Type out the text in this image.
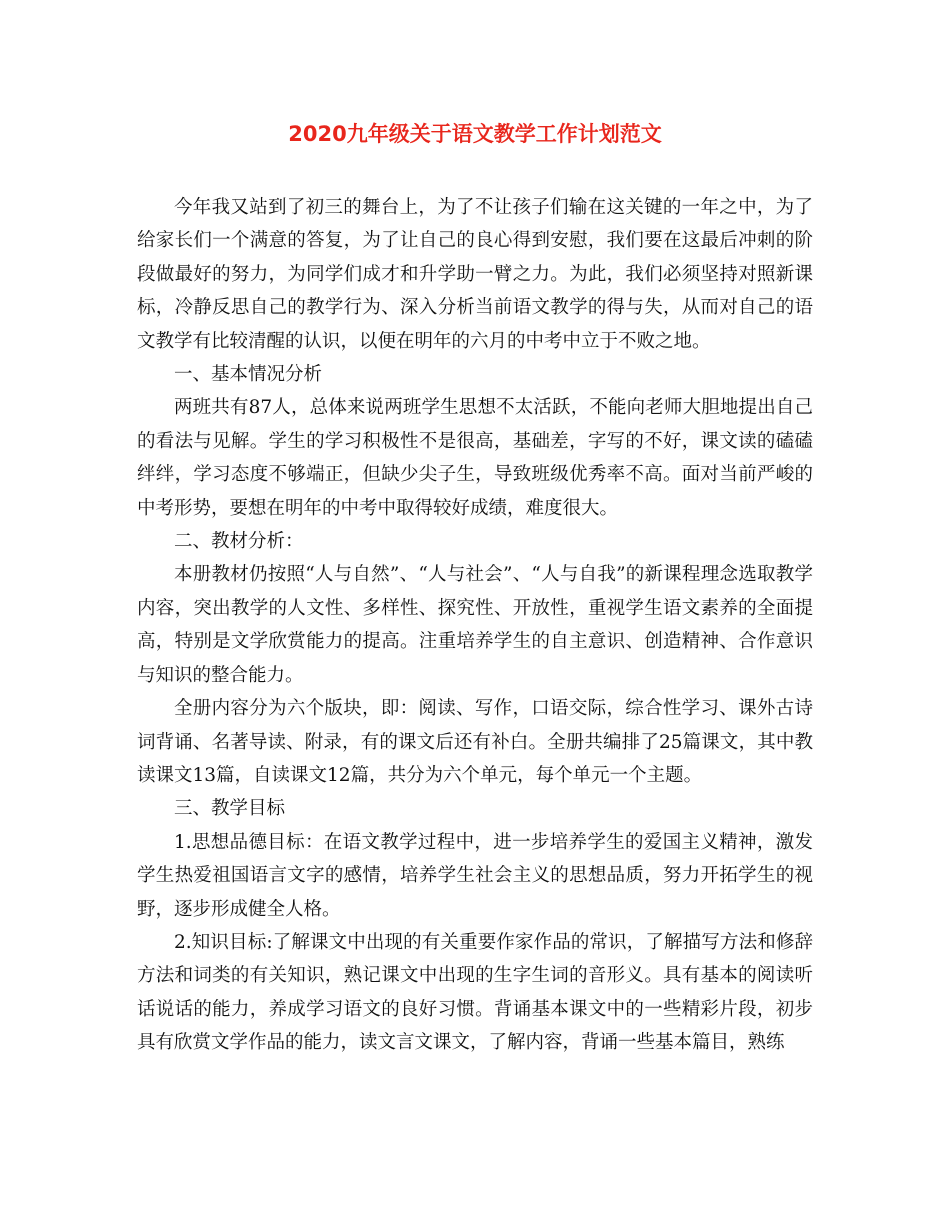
2020九年级关于语文教学工作计划范文

今年我又站到了初三的舞台上，为了不让孩子们输在这关键的一年之中，为了给家长们一个满意的答复，为了让自己的良心得到安慰，我们要在这最后冲刺的阶段做最好的努力，为同学们成才和升学助一臂之力。为此，我们必须坚持对照新课标，冷静反思自己的教学行为、深入分析当前语文教学的得与失，从而对自己的语文教学有比较清醒的认识，以便在明年的六月的中考中立于不败之地。

一、基本情况分析

两班共有87人，总体来说两班学生思想不太活跃，不能向老师大胆地提出自己的看法与见解。学生的学习积极性不是很高，基础差，字写的不好，课文读的磕磕绊绊，学习态度不够端正，但缺少尖子生，导致班级优秀率不高。面对当前严峻的中考形势，要想在明年的中考中取得较好成绩，难度很大。

二、教材分析：

本册教材仍按照“人与自然”、“人与社会”、“人与自我”的新课程理念选取教学内容，突出教学的人文性、多样性、探究性、开放性，重视学生语文素养的全面提高，特别是文学欣赏能力的提高。注重培养学生的自主意识、创造精神、合作意识与知识的整合能力。

全册内容分为六个版块，即：阅读、写作，口语交际，综合性学习、课外古诗词背诵、名著导读、附录，有的课文后还有补白。全册共编排了25篇课文，其中教读课文13篇，自读课文12篇，共分为六个单元，每个单元一个主题。

三、教学目标

1.思想品德目标：在语文教学过程中，进一步培养学生的爱国主义精神，激发学生热爱祖国语言文字的感情，培养学生社会主义的思想品质，努力开拓学生的视野，逐步形成健全人格。

2.知识目标:了解课文中出现的有关重要作家作品的常识，了解描写方法和修辞方法和词类的有关知识，熟记课文中出现的生字生词的音形义。具有基本的阅读听话说话的能力，养成学习语文的良好习惯。背诵基本课文中的一些精彩片段，初步具有欣赏文学作品的能力，读文言文课文，了解内容，背诵一些基本篇目，熟练
